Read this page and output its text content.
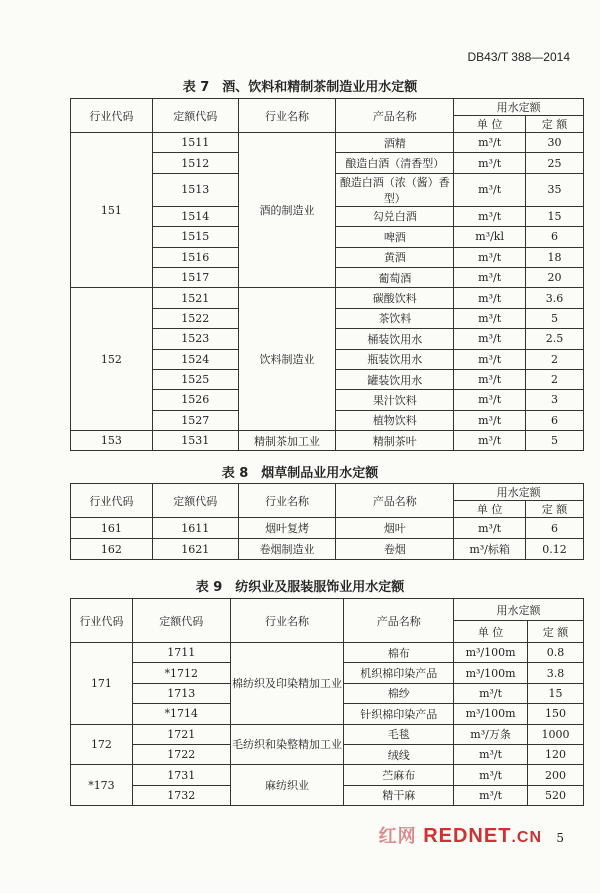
DB43/T 388—2014
表 7　酒、饮料和精制茶制造业用水定额
行业代码	定额代码	行业名称	产品名称	用水定额	
				单 位	定 额
151	1511	酒的制造业	酒精	m³/t	30
	1512		酿造白酒（清香型）	m³/t	25
	1513		酿造白酒（浓（酱）香型）	m³/t	35
	1514		勾兑白酒	m³/t	15
	1515		啤酒	m³/kl	6
	1516		黄酒	m³/t	18
	1517		葡萄酒	m³/t	20
152	1521	饮料制造业	碳酸饮料	m³/t	3.6
	1522		茶饮料	m³/t	5
	1523		桶装饮用水	m³/t	2.5
	1524		瓶装饮用水	m³/t	2
	1525		罐装饮用水	m³/t	2
	1526		果汁饮料	m³/t	3
	1527		植物饮料	m³/t	6
153	1531	精制茶加工业	精制茶叶	m³/t	5
表 8　烟草制品业用水定额
行业代码	定额代码	行业名称	产品名称	用水定额	
				单 位	定 额
161	1611	烟叶复烤	烟叶	m³/t	6
162	1621	卷烟制造业	卷烟	m³/标箱	0.12
表 9　纺织业及服装服饰业用水定额
行业代码	定额代码	行业名称	产品名称	用水定额	
				单 位	定 额
171	1711	棉纺织及印染精加工业	棉布	m³/100m	0.8
	*1712		机织棉印染产品	m³/100m	3.8
	1713		棉纱	m³/t	15
	*1714		针织棉印染产品	m³/100m	150
172	1721	毛纺织和染整精加工业	毛毯	m³/万条	1000
	1722		绒线	m³/t	120
*173	1731	麻纺织业	苎麻布	m³/t	200
	1732		精干麻	m³/t	520
红网 REDNET.CN 5
